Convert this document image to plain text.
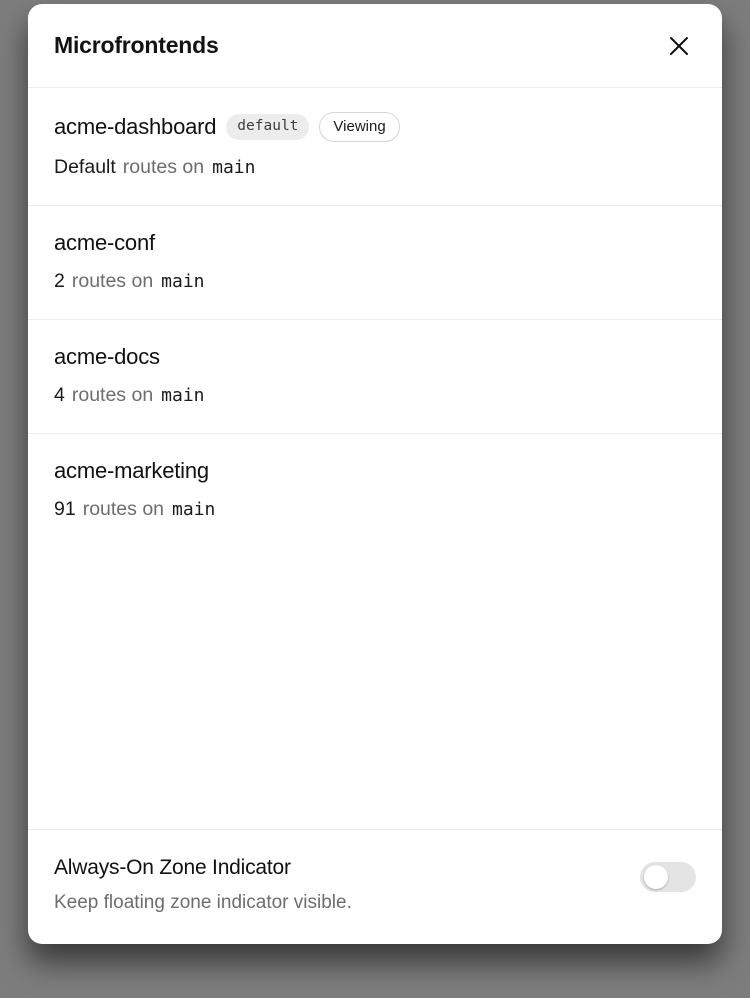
Microfrontends
acme-dashboard	default	Viewing
Default routes on main
acme-conf
2 routes on main
acme-docs
4 routes on main
acme-marketing
91 routes on main
Always-On Zone Indicator
Keep floating zone indicator visible.
